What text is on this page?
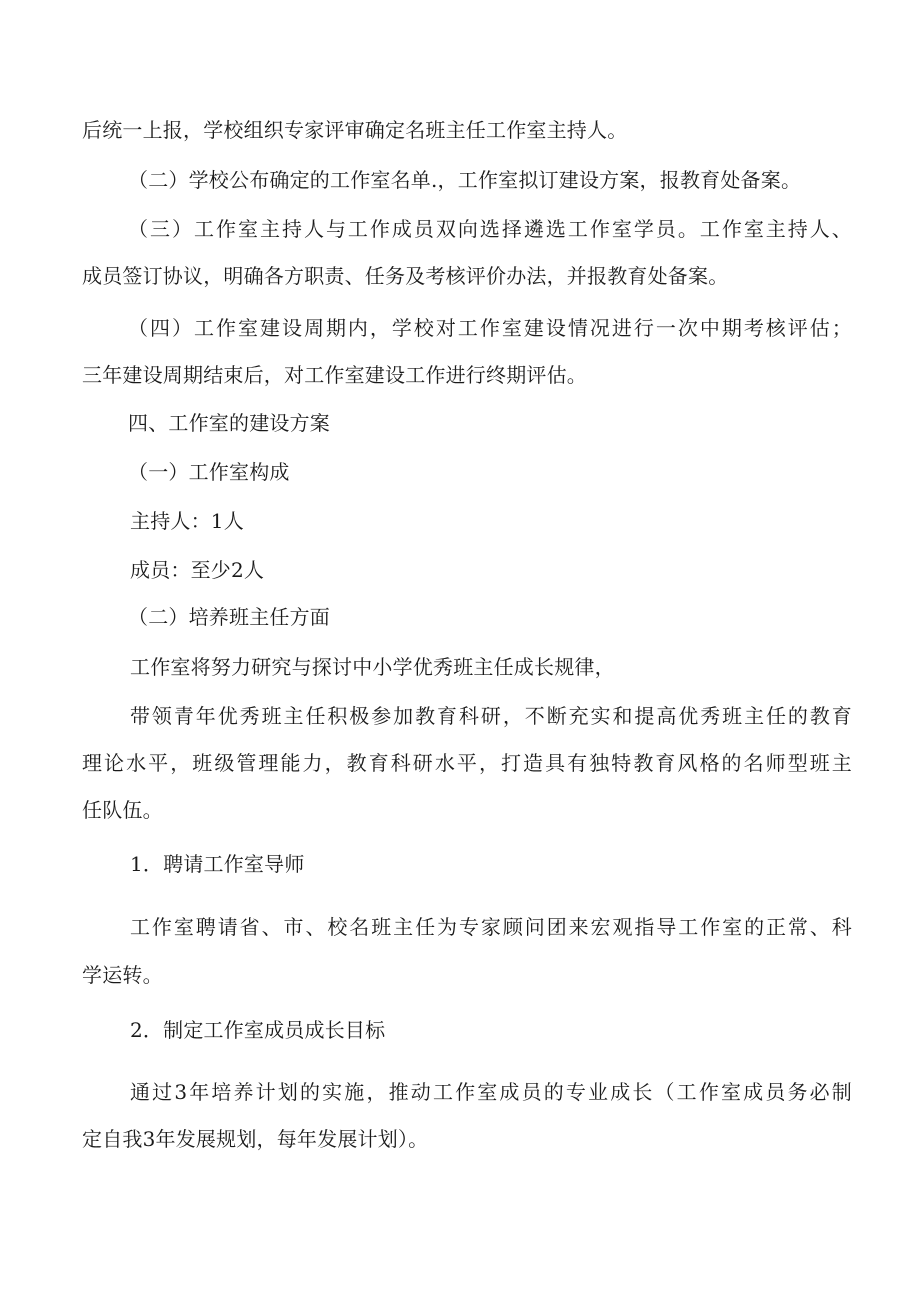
后统一上报，学校组织专家评审确定名班主任工作室主持人。
（二）学校公布确定的工作室名单.，工作室拟订建设方案，报教育处备案。
（三）工作室主持人与工作成员双向选择遴选工作室学员。工作室主持人、
成员签订协议，明确各方职责、任务及考核评价办法，并报教育处备案。
（四）工作室建设周期内，学校对工作室建设情况进行一次中期考核评估；
三年建设周期结束后，对工作室建设工作进行终期评估。
四、工作室的建设方案
（一）工作室构成
主持人：1人
成员：至少2人
（二）培养班主任方面
工作室将努力研究与探讨中小学优秀班主任成长规律，
带领青年优秀班主任积极参加教育科研，不断充实和提高优秀班主任的教育
理论水平，班级管理能力，教育科研水平，打造具有独特教育风格的名师型班主
任队伍。
1．聘请工作室导师
工作室聘请省、市、校名班主任为专家顾问团来宏观指导工作室的正常、科
学运转。
2．制定工作室成员成长目标
通过3年培养计划的实施，推动工作室成员的专业成长（工作室成员务必制
定自我3年发展规划，每年发展计划）。
